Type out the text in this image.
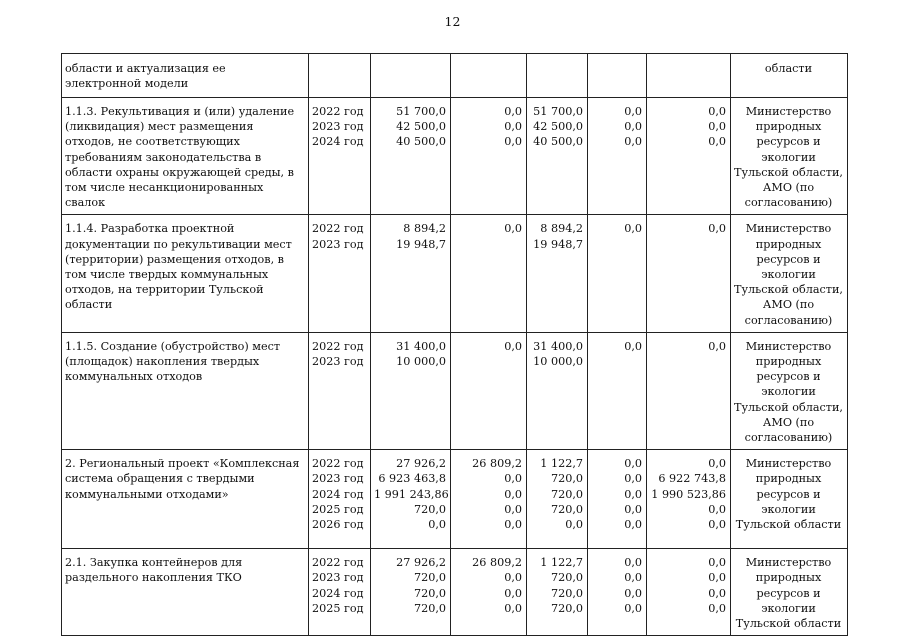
12
области и актуализация ее электронной модели							области

1.1.3. Рекультивация и (или) удаление (ликвидация) мест размещения отходов, не соответствующих требованиям законодательства в области охраны окружающей среды, в том числе несанкционированных свалок	2022 год
2023 год
2024 год	51 700,0
42 500,0
40 500,0	0,0
0,0
0,0	51 700,0
42 500,0
40 500,0	0,0
0,0
0,0	0,0
0,0
0,0	Министерство природных ресурсов и экологии Тульской области, АМО (по согласованию)

1.1.4. Разработка проектной документации по рекультивации мест (территории) размещения отходов, в том числе твердых коммунальных отходов, на территории Тульской области	2022 год
2023 год	8 894,2
19 948,7	0,0	8 894,2
19 948,7	0,0	0,0	Министерство природных ресурсов и экологии Тульской области, АМО (по согласованию)

1.1.5. Создание (обустройство) мест (площадок) накопления твердых коммунальных отходов	2022 год
2023 год	31 400,0
10 000,0	0,0	31 400,0
10 000,0	0,0	0,0	Министерство природных ресурсов и экологии Тульской области, АМО (по согласованию)

2. Региональный проект «Комплексная система обращения с твердыми коммунальными отходами»	2022 год
2023 год
2024 год
2025 год
2026 год	27 926,2
6 923 463,8
1 991 243,86
720,0
0,0	26 809,2
0,0
0,0
0,0
0,0	1 122,7
720,0
720,0
720,0
0,0	0,0
0,0
0,0
0,0
0,0	0,0
6 922 743,8
1 990 523,86
0,0
0,0	Министерство природных ресурсов и экологии Тульской области

2.1. Закупка контейнеров для раздельного накопления ТКО	2022 год
2023 год
2024 год
2025 год	27 926,2
720,0
720,0
720,0	26 809,2
0,0
0,0
0,0	1 122,7
720,0
720,0
720,0	0,0
0,0
0,0
0,0	0,0
0,0
0,0
0,0	Министерство природных ресурсов и экологии Тульской области
